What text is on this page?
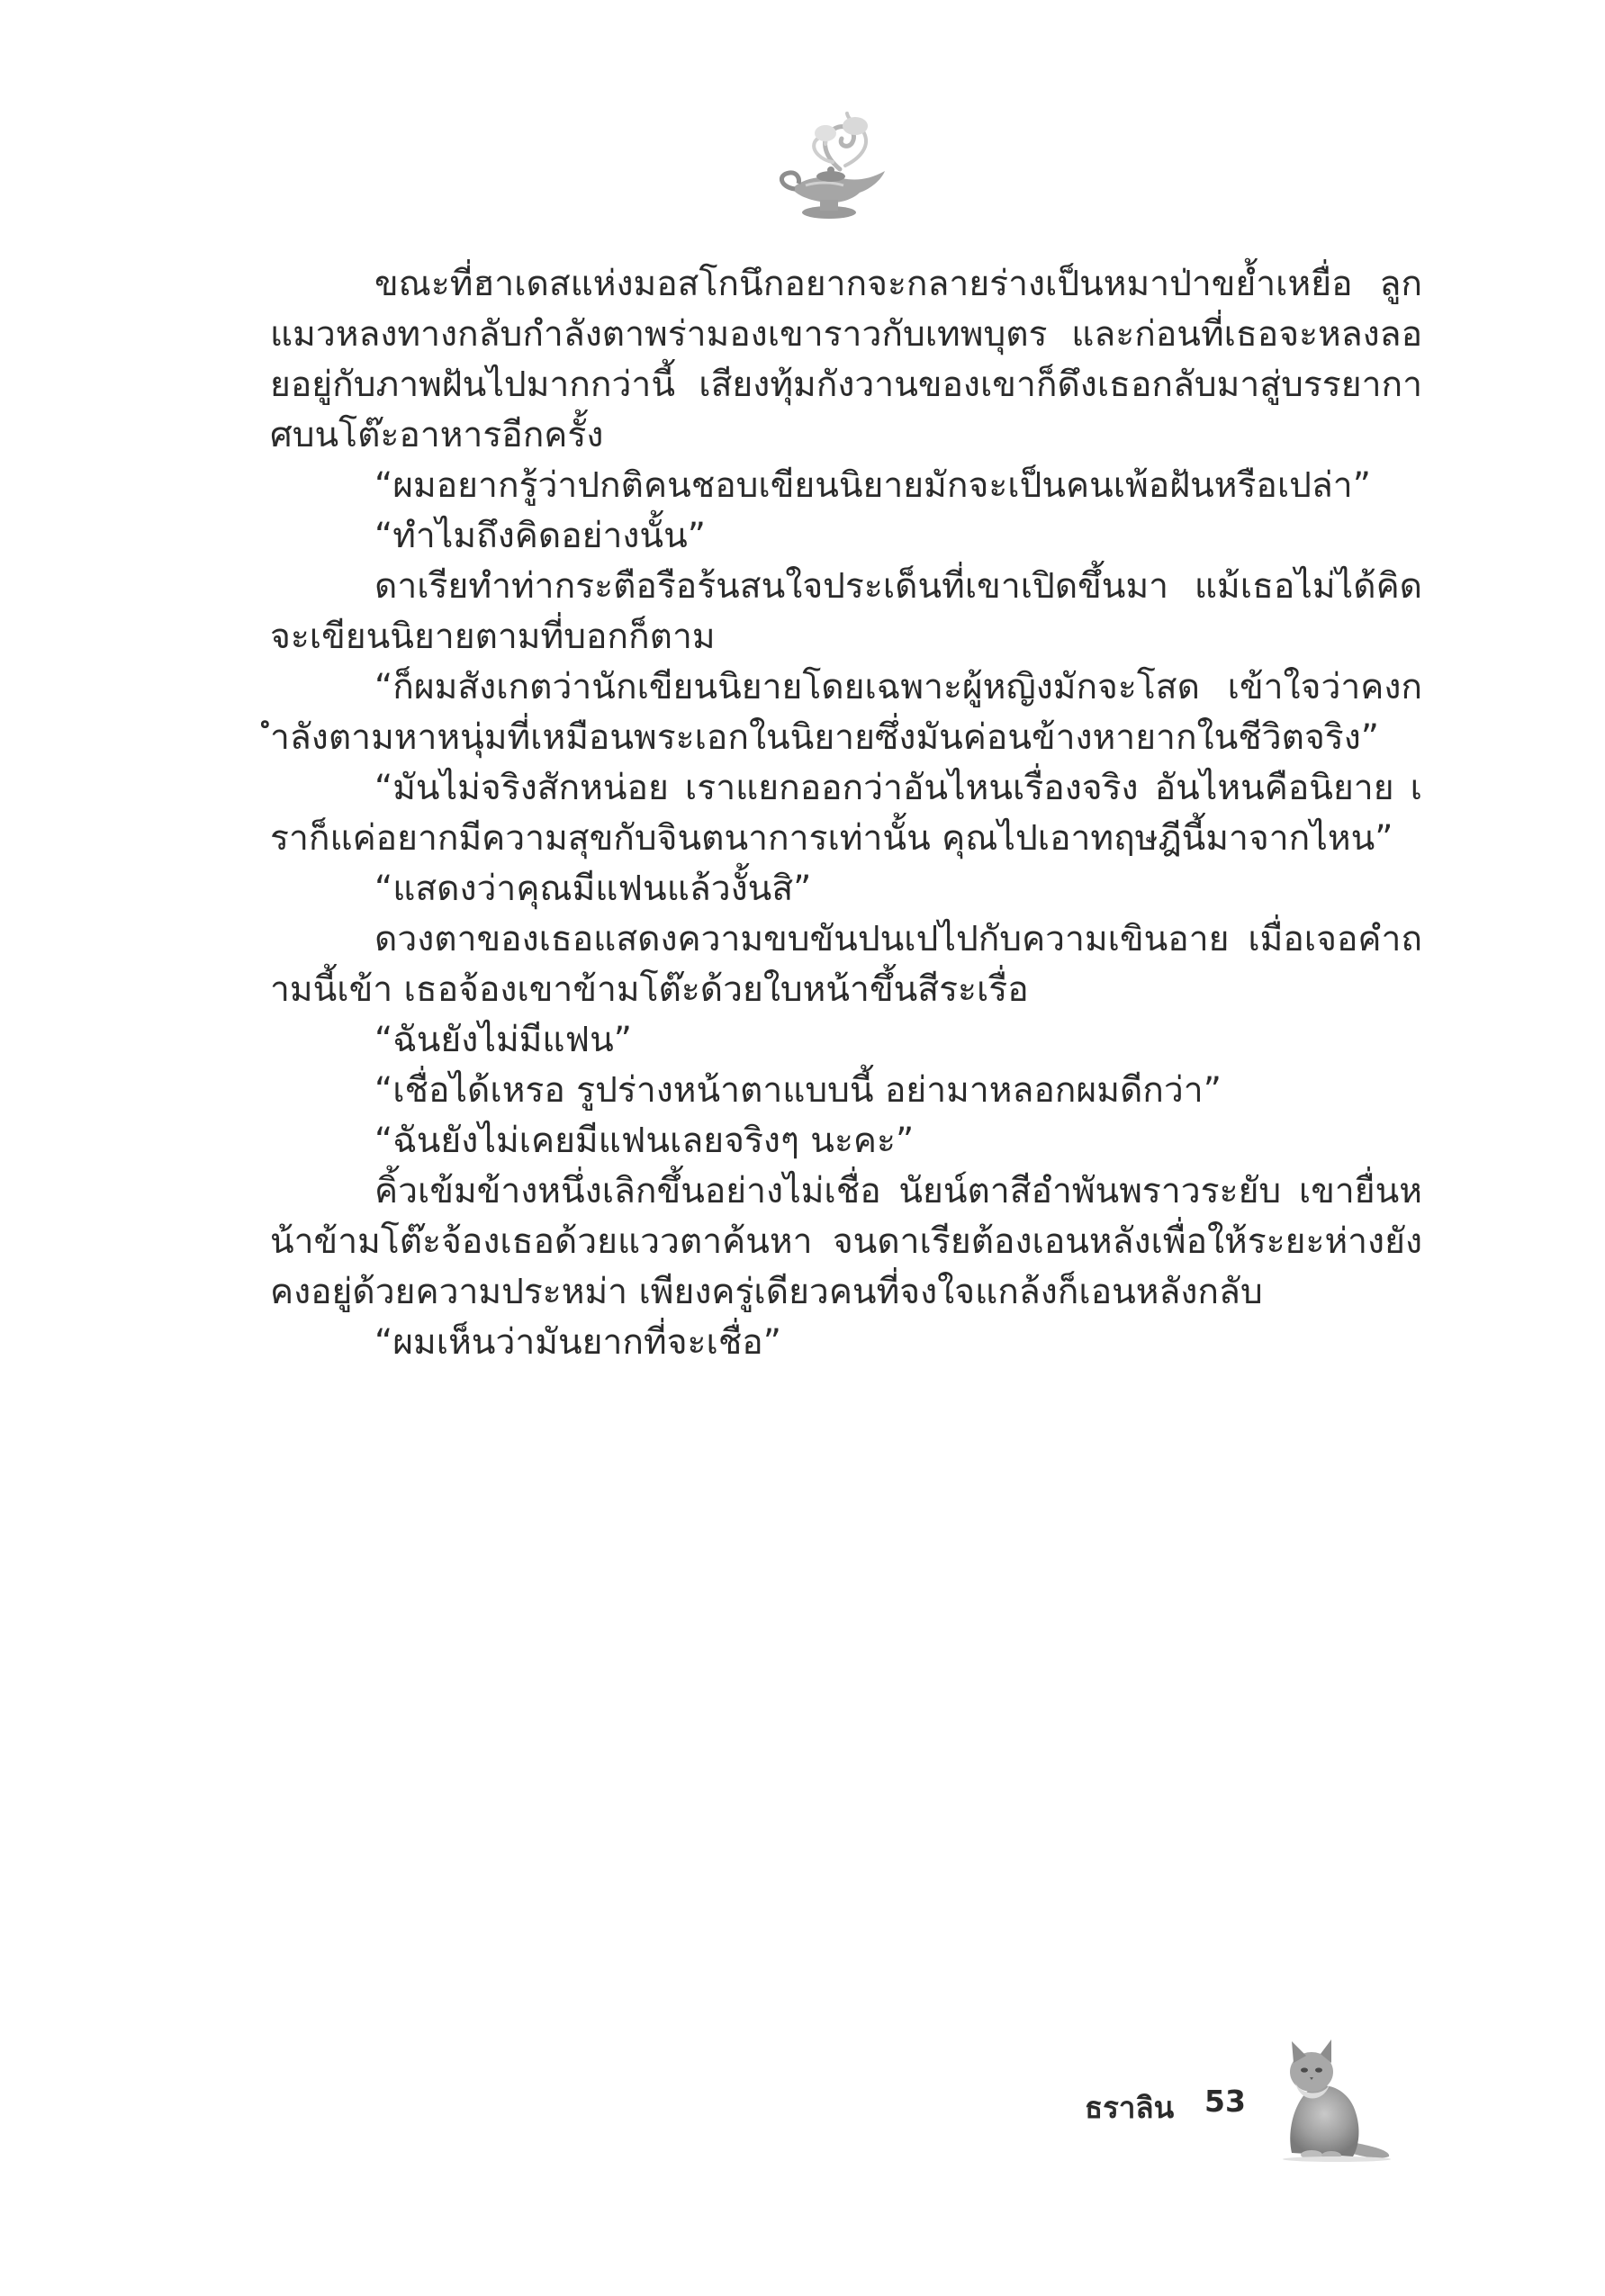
ขณะที่ฮาเดสแห่งมอสโกนึกอยากจะกลายร่างเป็นหมาป่าขย้ำเหยื่อ ลูกแมวหลงทางกลับกำลังตาพร่ามองเขาราวกับเทพบุตร และก่อนที่เธอจะหลงลอยอยู่กับภาพฝันไปมากกว่านี้ เสียงทุ้มกังวานของเขาก็ดึงเธอกลับมาสู่บรรยากาศบนโต๊ะอาหารอีกครั้ง

“ผมอยากรู้ว่าปกติคนชอบเขียนนิยายมักจะเป็นคนเพ้อฝันหรือเปล่า”

“ทำไมถึงคิดอย่างนั้น”

ดาเรียทำท่ากระตือรือร้นสนใจประเด็นที่เขาเปิดขึ้นมา แม้เธอไม่ได้คิดจะเขียนนิยายตามที่บอกก็ตาม

“ก็ผมสังเกตว่านักเขียนนิยายโดยเฉพาะผู้หญิงมักจะโสด เข้าใจว่าคงกำลังตามหาหนุ่มที่เหมือนพระเอกในนิยายซึ่งมันค่อนข้างหายากในชีวิตจริง”

“มันไม่จริงสักหน่อย เราแยกออกว่าอันไหนเรื่องจริง อันไหนคือนิยาย เราก็แค่อยากมีความสุขกับจินตนาการเท่านั้น คุณไปเอาทฤษฎีนี้มาจากไหน”

“แสดงว่าคุณมีแฟนแล้วงั้นสิ”

ดวงตาของเธอแสดงความขบขันปนเปไปกับความเขินอาย เมื่อเจอคำถามนี้เข้า เธอจ้องเขาข้ามโต๊ะด้วยใบหน้าขึ้นสีระเรื่อ

“ฉันยังไม่มีแฟน”

“เชื่อได้เหรอ รูปร่างหน้าตาแบบนี้ อย่ามาหลอกผมดีกว่า”

“ฉันยังไม่เคยมีแฟนเลยจริงๆ นะคะ”

คิ้วเข้มข้างหนึ่งเลิกขึ้นอย่างไม่เชื่อ นัยน์ตาสีอำพันพราวระยับ เขายื่นหน้าข้ามโต๊ะจ้องเธอด้วยแววตาค้นหา จนดาเรียต้องเอนหลังเพื่อให้ระยะห่างยังคงอยู่ด้วยความประหม่า เพียงครู่เดียวคนที่จงใจแกล้งก็เอนหลังกลับ

“ผมเห็นว่ามันยากที่จะเชื่อ”

ธราลิน 53
